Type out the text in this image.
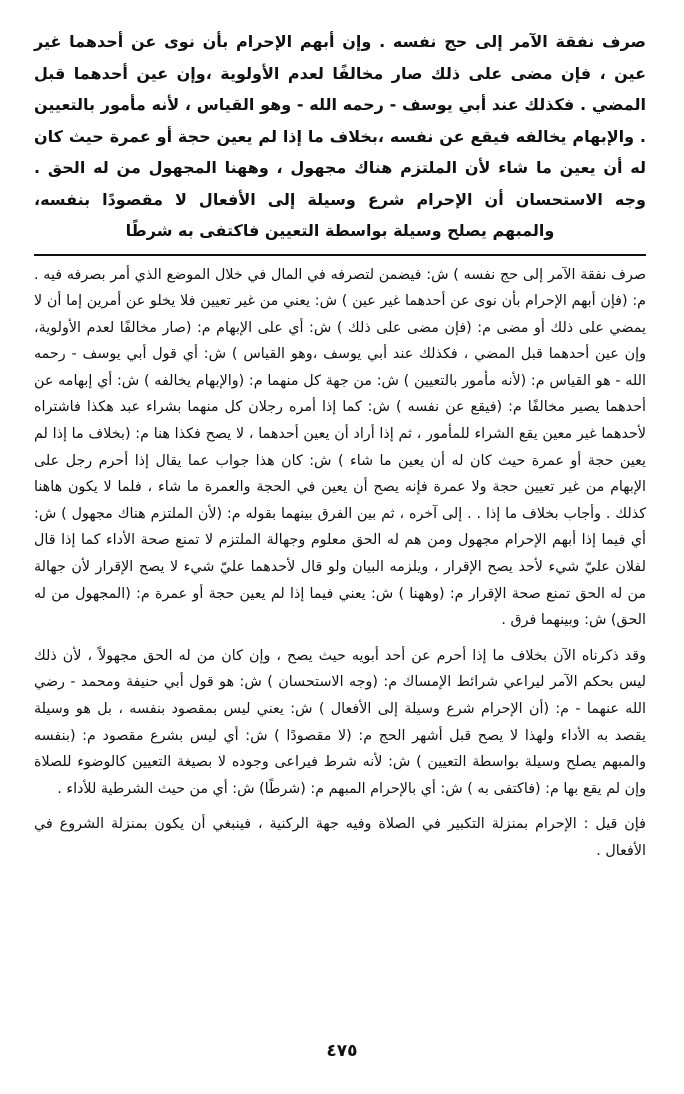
صرف نفقة الآمر إلى حج نفسه . وإن أبهم الإحرام بأن نوى عن أحدهما غير عين ، فإن مضى على ذلك صار مخالفًا لعدم الأولوية ،وإن عين أحدهما قبل المضي . فكذلك عند أبي يوسف - رحمه الله - وهو القياس ، لأنه مأمور بالتعيين . والإبهام يخالفه فيقع عن نفسه ،بخلاف ما إذا لم يعين حجة أو عمرة حيث كان له أن يعين ما شاء لأن الملتزم هناك مجهول ، وههنا المجهول من له الحق . وجه الاستحسان أن الإحرام شرع وسيلة إلى الأفعال لا مقصودًا بنفسه، والمبهم يصلح وسيلة بواسطة التعيين فاكتفى به شرطًا

صرف نفقة الآمر إلى حج نفسه ) ش: فيضمن لتصرفه في المال في خلال الموضع الذي أمر بصرفه فيه . م: (فإن أبهم الإحرام بأن نوى عن أحدهما غير عين ) ش: يعني من غير تعيين فلا يخلو عن أمرين إما أن لا يمضي على ذلك أو مضى م: (فإن مضى على ذلك ) ش: أي على الإبهام م: (صار مخالفًا لعدم الأولوية، وإن عين أحدهما قبل المضي ، فكذلك عند أبي يوسف ،وهو القياس ) ش: أي قول أبي يوسف - رحمه الله - هو القياس م: (لأنه مأمور بالتعيين ) ش: من جهة كل منهما م: (والإبهام يخالفه ) ش: أي إبهامه عن أحدهما يصير مخالفًا م: (فيقع عن نفسه ) ش: كما إذا أمره رجلان كل منهما بشراء عبد هكذا فاشتراه لأحدهما غير معين يقع الشراء للمأمور ، ثم إذا أراد أن يعين أحدهما ، لا يصح فكذا هنا م: (بخلاف ما إذا لم يعين حجة أو عمرة حيث كان له أن يعين ما شاء ) ش: كان هذا جواب عما يقال إذا أحرم رجل على الإبهام من غير تعيين حجة ولا عمرة فإنه يصح أن يعين في الحجة والعمرة ما شاء ، فلما لا يكون هاهنا كذلك . وأجاب بخلاف ما إذا . . إلى آخره ، ثم بين الفرق بينهما بقوله م: (لأن الملتزم هناك مجهول ) ش: أي فيما إذا أبهم الإحرام مجهول ومن هم له الحق معلوم وجهالة الملتزم لا تمنع صحة الأداء كما إذا قال لفلان عليّ شيء لأحد يصح الإقرار ، ويلزمه البيان ولو قال لأحدهما عليّ شيء لا يصح الإقرار لأن جهالة من له الحق تمنع صحة الإقرار م: (وههنا ) ش: يعني فيما إذا لم يعين حجة أو عمرة م: (المجهول من له الحق) ش: وبينهما فرق .

وقد ذكرناه الآن بخلاف ما إذا أحرم عن أحد أبويه حيث يصح ، وإن كان من له الحق مجهولاً ، لأن ذلك ليس بحكم الآمر ليراعي شرائط الإمساك م: (وجه الاستحسان ) ش: هو قول أبي حنيفة ومحمد - رضي الله عنهما - م: (أن الإحرام شرع وسيلة إلى الأفعال ) ش: يعني ليس بمقصود بنفسه ، بل هو وسيلة يقصد به الأداء ولهذا لا يصح قبل أشهر الحج م: (لا مقصودًا ) ش: أي ليس بشرع مقصود م: (بنفسه والمبهم يصلح وسيلة بواسطة التعيين ) ش: لأنه شرط فيراعى وجوده لا بصيغة التعيين كالوضوء للصلاة وإن لم يقع بها م: (فاكتفى به ) ش: أي بالإحرام المبهم م: (شرطًا) ش: أي من حيث الشرطية للأداء .

فإن قيل : الإحرام بمنزلة التكبير في الصلاة وفيه جهة الركنية ، فينبغي أن يكون بمنزلة الشروع في الأفعال .

٤٧٥
